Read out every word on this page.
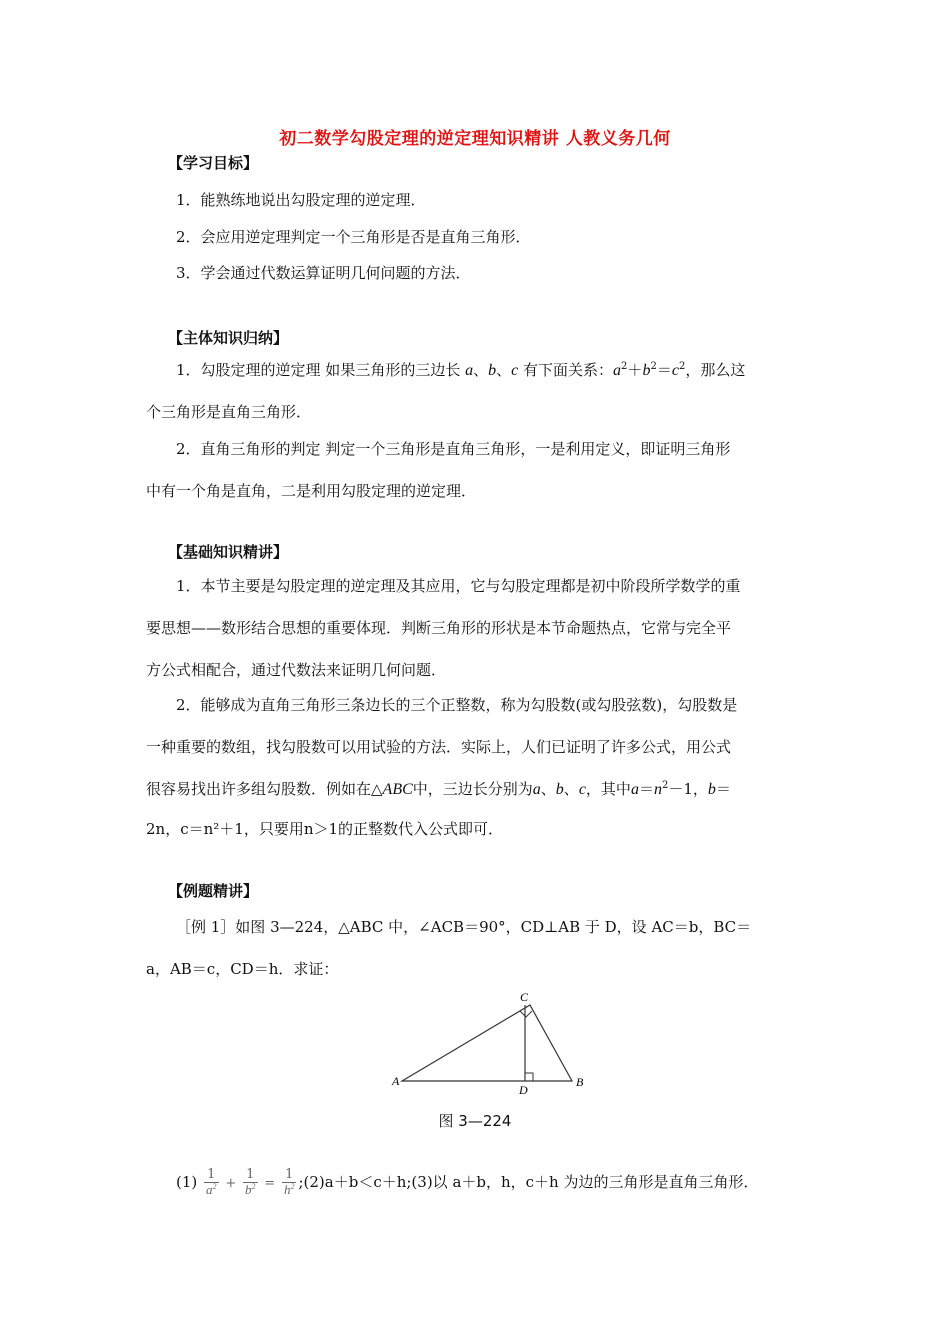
初二数学勾股定理的逆定理知识精讲 人教义务几何
【学习目标】
1．能熟练地说出勾股定理的逆定理．
2．会应用逆定理判定一个三角形是否是直角三角形．
3．学会通过代数运算证明几何问题的方法．
【主体知识归纳】
1．勾股定理的逆定理 如果三角形的三边长 a、b、c 有下面关系：$a^2+b^2=c^2$，那么这
个三角形是直角三角形．
2．直角三角形的判定 判定一个三角形是直角三角形，一是利用定义，即证明三角形
中有一个角是直角，二是利用勾股定理的逆定理．
【基础知识精讲】
1．本节主要是勾股定理的逆定理及其应用，它与勾股定理都是初中阶段所学数学的重
要思想——数形结合思想的重要体现．判断三角形的形状是本节命题热点，它常与完全平
方公式相配合，通过代数法来证明几何问题．
2．能够成为直角三角形三条边长的三个正整数，称为勾股数(或勾股弦数)，勾股数是
一种重要的数组，找勾股数可以用试验的方法．实际上，人们已证明了许多公式，用公式
很容易找出许多组勾股数．例如在△ABC中，三边长分别为a、b、c，其中$a=n^2-1$，b＝
2n，c＝n²＋1，只要用n＞1的正整数代入公式即可．
【例题精讲】
［例 1］如图 3—224，△ABC 中，∠ACB＝90°，CD⊥AB 于 D，设 AC＝b，BC＝
a，AB＝c，CD＝h．求证：
A	B
C
D
图 3—224
$(1) \frac{1}{a^2} + \frac{1}{b^2} = \frac{1}{h^2}$ ;(2)a＋b＜c＋h;(3)以 a＋b，h，c＋h 为边的三角形是直角三角形．
